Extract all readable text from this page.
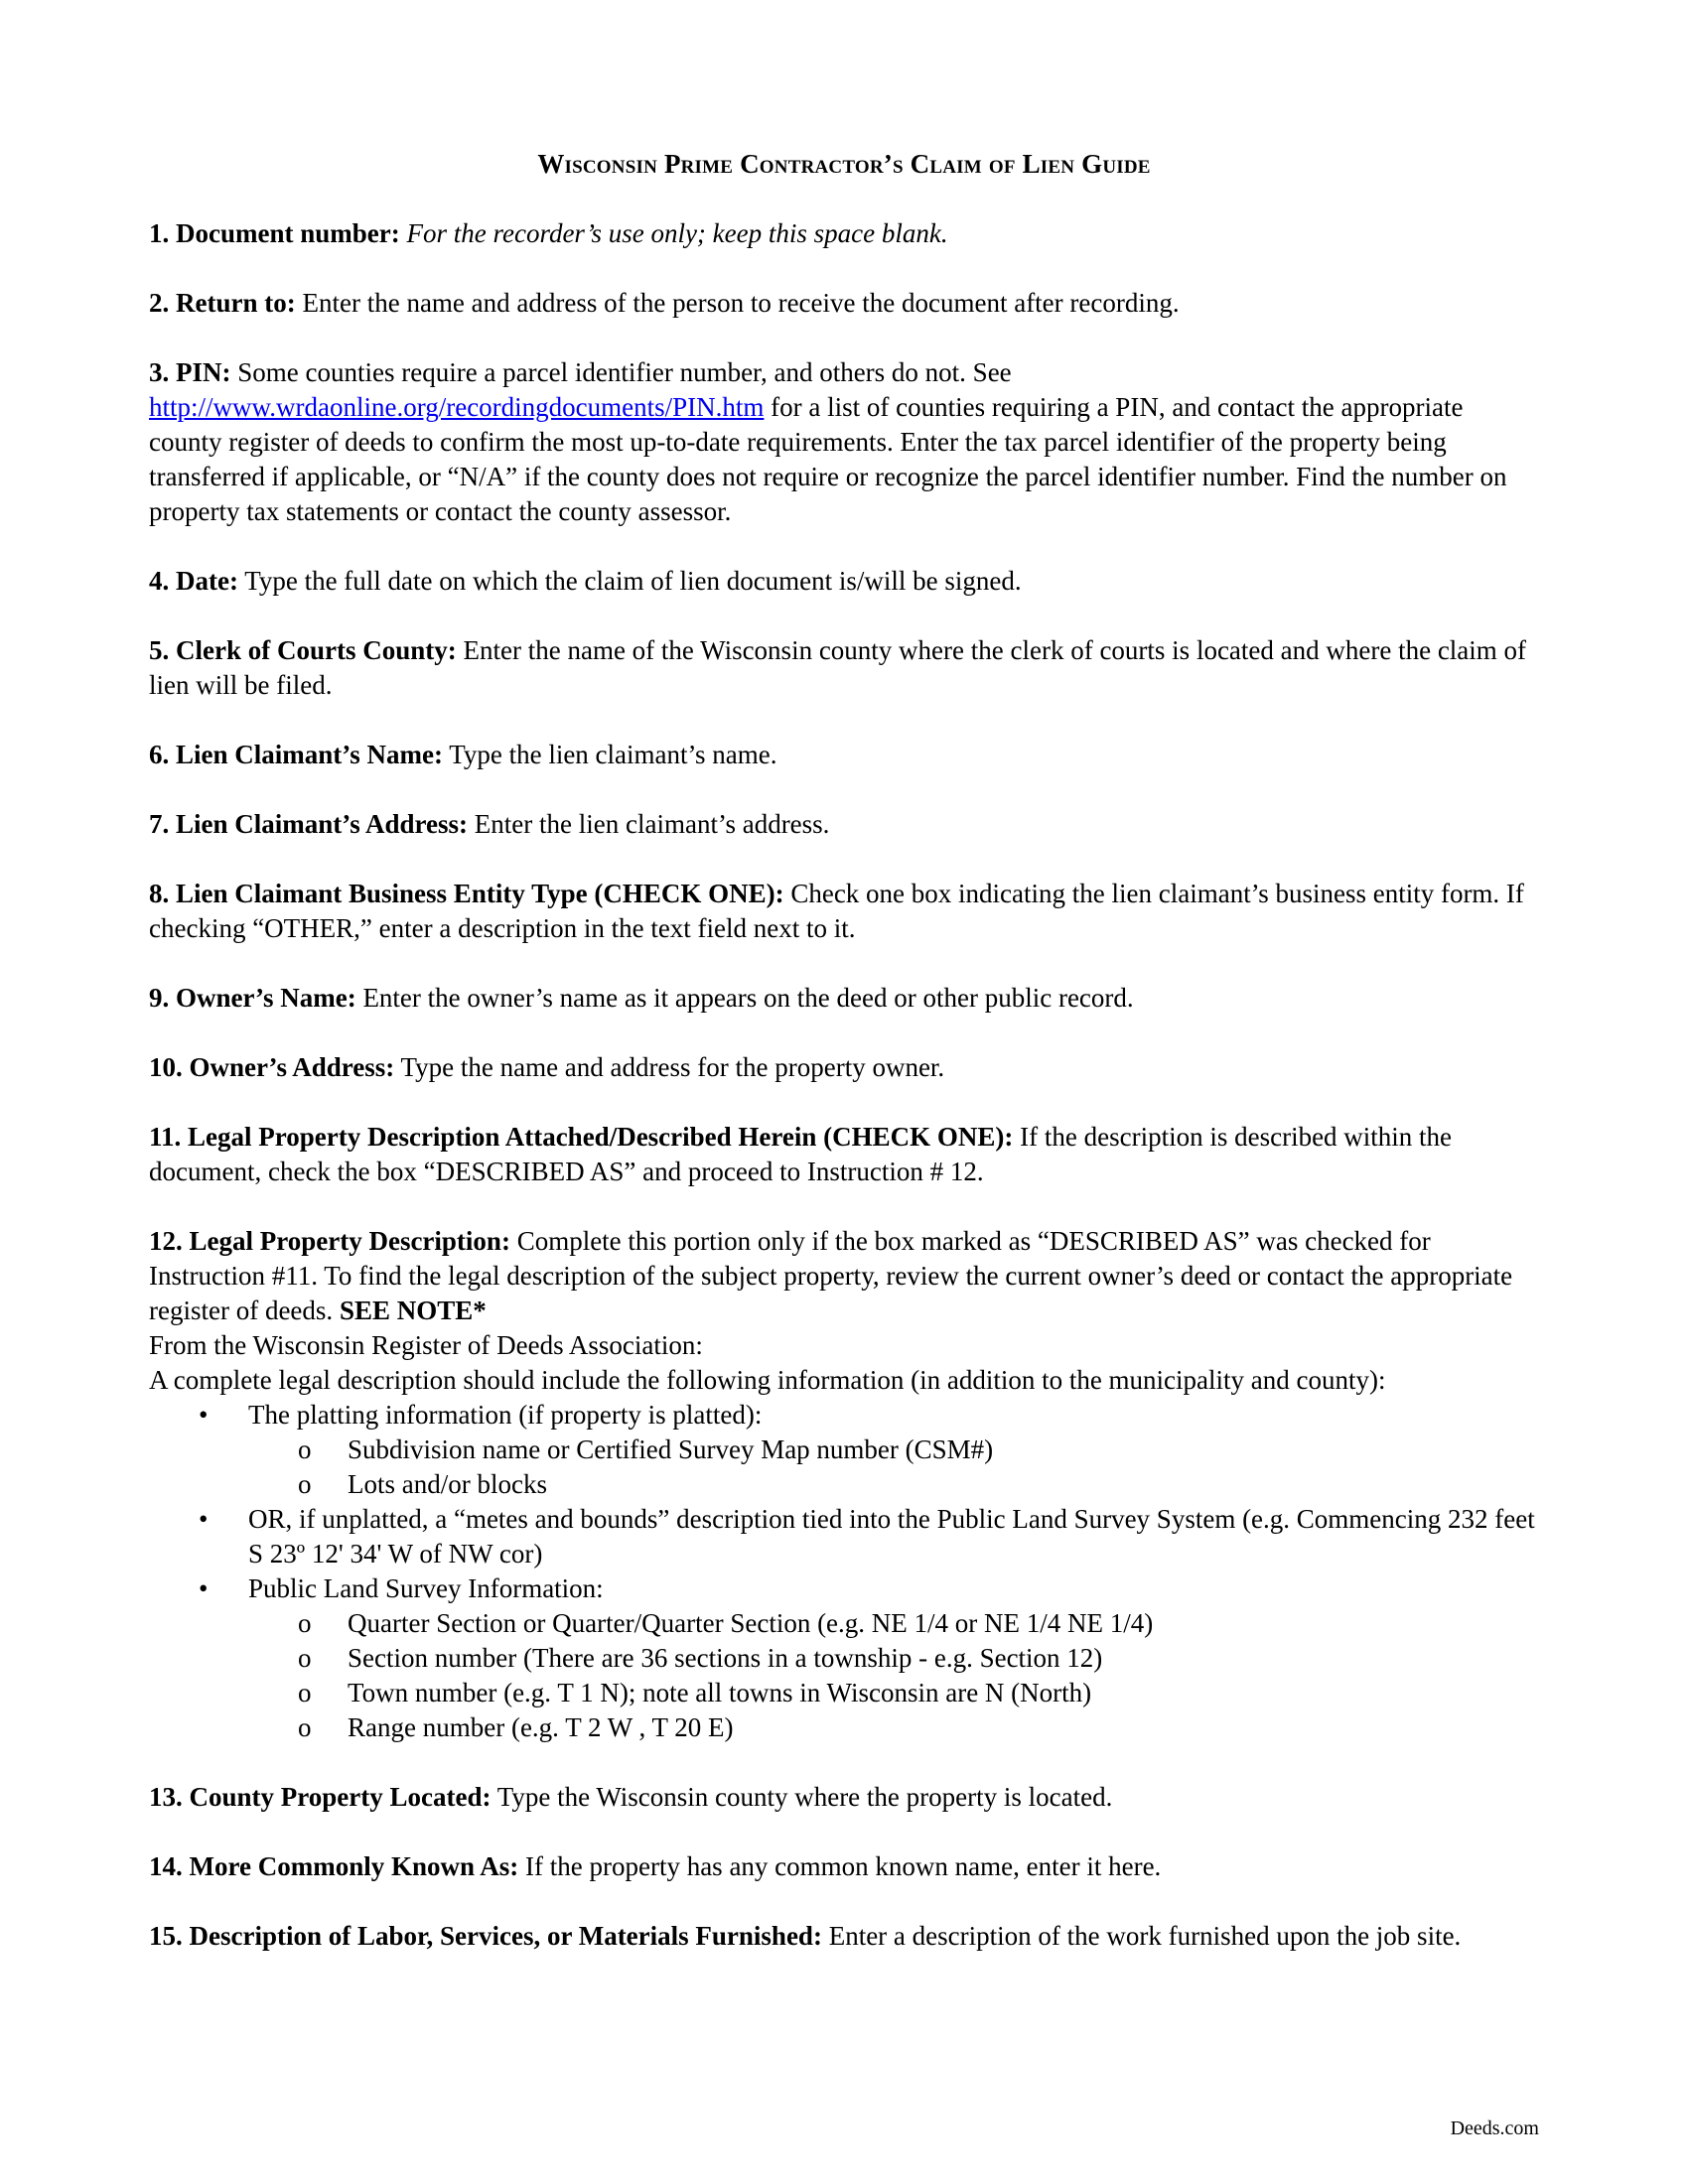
Wisconsin Prime Contractor’s Claim of Lien Guide

1. Document number: For the recorder’s use only; keep this space blank.

2. Return to: Enter the name and address of the person to receive the document after recording.

3. PIN: Some counties require a parcel identifier number, and others do not. See http://www.wrdaonline.org/recordingdocuments/PIN.htm for a list of counties requiring a PIN, and contact the appropriate county register of deeds to confirm the most up-to-date requirements. Enter the tax parcel identifier of the property being transferred if applicable, or “N/A” if the county does not require or recognize the parcel identifier number. Find the number on property tax statements or contact the county assessor.

4. Date: Type the full date on which the claim of lien document is/will be signed.

5. Clerk of Courts County: Enter the name of the Wisconsin county where the clerk of courts is located and where the claim of lien will be filed.

6. Lien Claimant’s Name: Type the lien claimant’s name.

7. Lien Claimant’s Address: Enter the lien claimant’s address.

8. Lien Claimant Business Entity Type (CHECK ONE): Check one box indicating the lien claimant’s business entity form. If checking “OTHER,” enter a description in the text field next to it.

9. Owner’s Name: Enter the owner’s name as it appears on the deed or other public record.

10. Owner’s Address: Type the name and address for the property owner.

11. Legal Property Description Attached/Described Herein (CHECK ONE): If the description is described within the document, check the box “DESCRIBED AS” and proceed to Instruction # 12.

12. Legal Property Description: Complete this portion only if the box marked as “DESCRIBED AS” was checked for Instruction #11. To find the legal description of the subject property, review the current owner’s deed or contact the appropriate register of deeds. SEE NOTE*

From the Wisconsin Register of Deeds Association:
A complete legal description should include the following information (in addition to the municipality and county):
• The platting information (if property is platted):
o Subdivision name or Certified Survey Map number (CSM#)
o Lots and/or blocks
• OR, if unplatted, a “metes and bounds” description tied into the Public Land Survey System (e.g. Commencing 232 feet S 23º 12' 34' W of NW cor)
• Public Land Survey Information:
o Quarter Section or Quarter/Quarter Section (e.g. NE 1/4 or NE 1/4 NE 1/4)
o Section number (There are 36 sections in a township - e.g. Section 12)
o Town number (e.g. T 1 N); note all towns in Wisconsin are N (North)
o Range number (e.g. T 2 W , T 20 E)

13. County Property Located: Type the Wisconsin county where the property is located.

14. More Commonly Known As: If the property has any common known name, enter it here.

15. Description of Labor, Services, or Materials Furnished: Enter a description of the work furnished upon the job site.

Deeds.com
